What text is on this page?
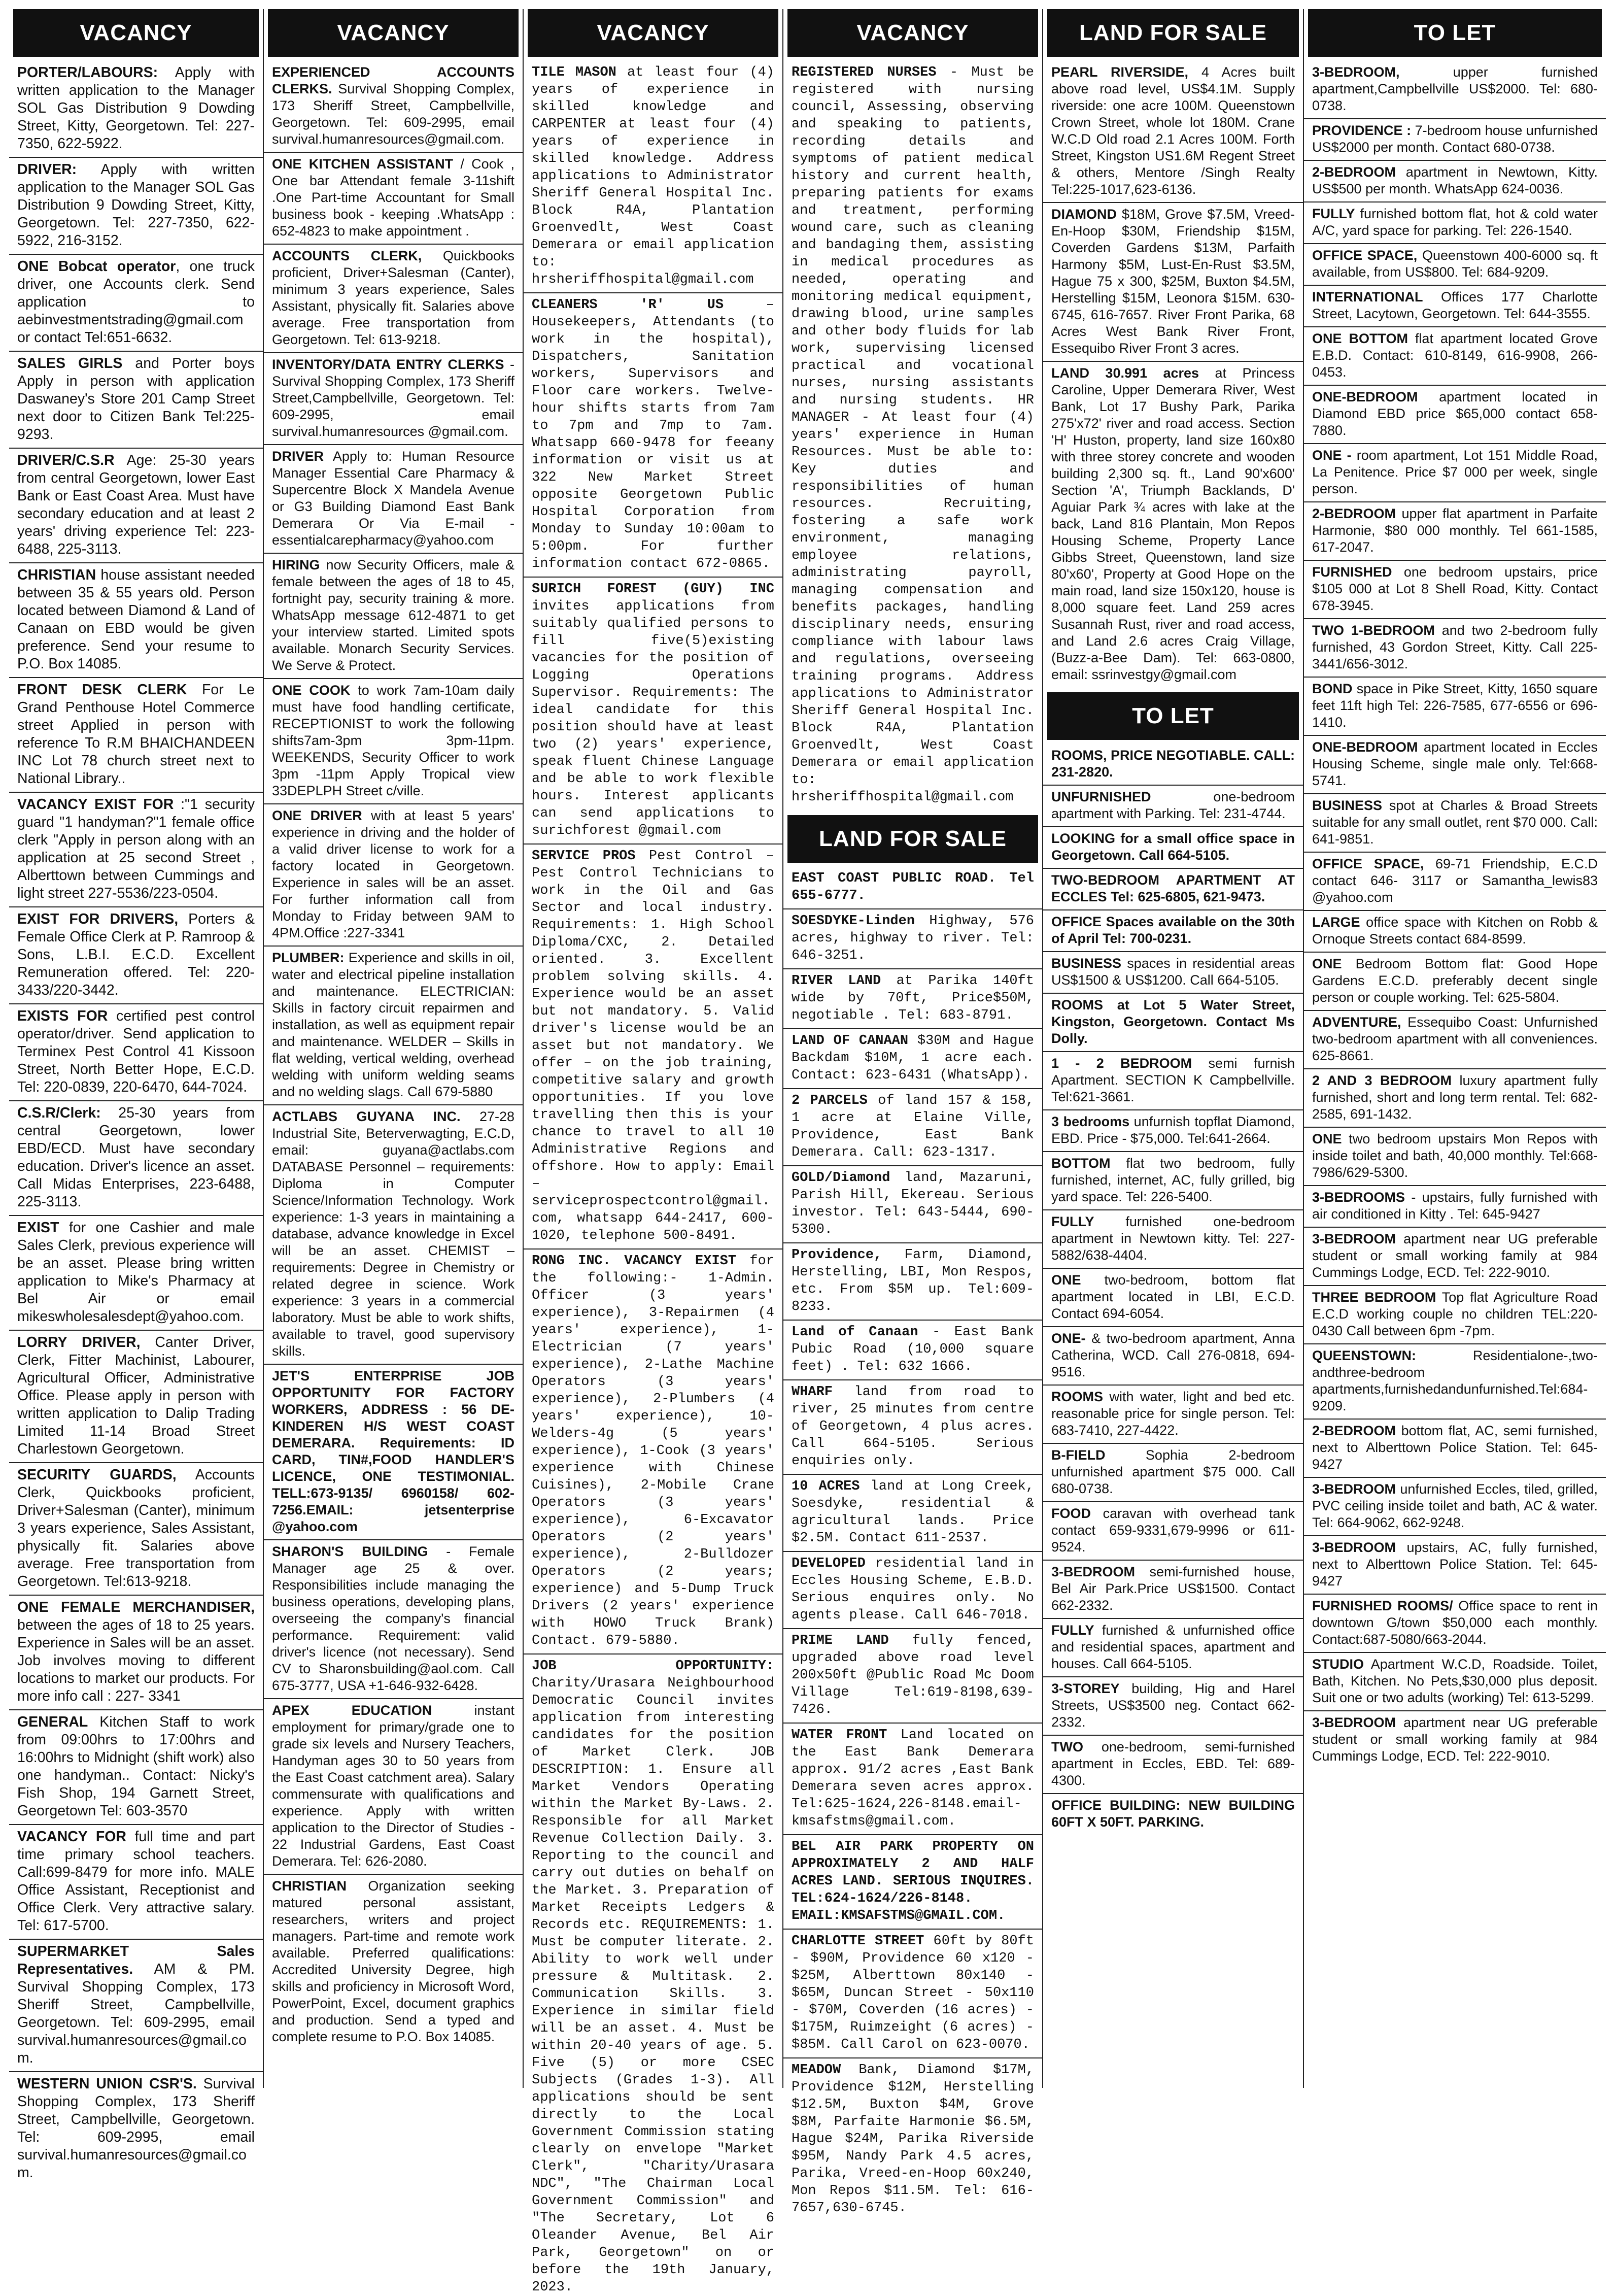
VACANCY

PORTER/LABOURS: Apply with written application to the Manager SOL Gas Distribution 9 Dowding Street, Kitty, Georgetown. Tel: 227-7350, 622-5922.

DRIVER: Apply with written application to the Manager SOL Gas Distribution 9 Dowding Street, Kitty, Georgetown. Tel: 227-7350, 622-5922, 216-3152.

ONE Bobcat operator, one truck driver, one Accounts clerk. Send application to aebinvestmentstrading@gmail.com or contact Tel:651-6632.

SALES GIRLS and Porter boys Apply in person with application Daswaney's Store 201 Camp Street next door to Citizen Bank Tel:225-9293.

DRIVER/C.S.R Age: 25-30 years from central Georgetown, lower East Bank or East Coast Area. Must have secondary education and at least 2 years' driving experience Tel: 223-6488, 225-3113.

CHRISTIAN house assistant needed between 35 & 55 years old. Person located between Diamond & Land of Canaan on EBD would be given preference. Send your resume to P.O. Box 14085.

FRONT DESK CLERK For Le Grand Penthouse Hotel Commerce street Applied in person with reference To R.M BHAICHANDEEN INC Lot 78 church street next to National Library..

VACANCY EXIST FOR :"1 security guard "1 handyman?"1 female office clerk "Apply in person along with an application at 25 second Street , Alberttown between Cummings and light street 227-5536/223-0504.

EXIST FOR DRIVERS, Porters & Female Office Clerk at P. Ramroop & Sons, L.B.I. E.C.D. Excellent Remuneration offered. Tel: 220-3433/220-3442.

EXISTS FOR certified pest control operator/driver. Send application to Terminex Pest Control 41 Kissoon Street, North Better Hope, E.C.D. Tel: 220-0839, 220-6470, 644-7024.

C.S.R/Clerk: 25-30 years from central Georgetown, lower EBD/ECD. Must have secondary education. Driver's licence an asset. Call Midas Enterprises, 223-6488, 225-3113.

EXIST for one Cashier and male Sales Clerk, previous experience will be an asset. Please bring written application to Mike's Pharmacy at Bel Air or email mikeswholesalesdept@yahoo.com.

LORRY DRIVER, Canter Driver, Clerk, Fitter Machinist, Labourer, Agricultural Officer, Administrative Office. Please apply in person with written application to Dalip Trading Limited 11-14 Broad Street Charlestown Georgetown.

SECURITY GUARDS, Accounts Clerk, Quickbooks proficient, Driver+Salesman (Canter), minimum 3 years experience, Sales Assistant, physically fit. Salaries above average. Free transportation from Georgetown. Tel:613-9218.

ONE FEMALE MERCHANDISER, between the ages of 18 to 25 years. Experience in Sales will be an asset. Job involves moving to different locations to market our products. For more info call : 227- 3341

GENERAL Kitchen Staff to work from 09:00hrs to 17:00hrs and 16:00hrs to Midnight (shift work) also one handyman.. Contact: Nicky's Fish Shop, 194 Garnett Street, Georgetown Tel: 603-3570

VACANCY FOR full time and part time primary school teachers. Call:699-8479 for more info. MALE Office Assistant, Receptionist and Office Clerk. Very attractive salary. Tel: 617-5700.

SUPERMARKET Sales Representatives. AM & PM. Survival Shopping Complex, 173 Sheriff Street, Campbellville, Georgetown. Tel: 609-2995, email survival.humanresources@gmail.com.

WESTERN UNION CSR'S. Survival Shopping Complex, 173 Sheriff Street, Campbellville, Georgetown. Tel: 609-2995, email survival.humanresources@gmail.com.

VACANCY

EXPERIENCED ACCOUNTS CLERKS. Survival Shopping Complex, 173 Sheriff Street, Campbellville, Georgetown. Tel: 609-2995, email survival.humanresources@gmail.com.

ONE KITCHEN ASSISTANT / Cook , One bar Attendant female 3-11shift .One Part-time Accountant for Small business book - keeping .WhatsApp : 652-4823 to make appointment .

ACCOUNTS CLERK, Quickbooks proficient, Driver+Salesman (Canter), minimum 3 years experience, Sales Assistant, physically fit. Salaries above average. Free transportation from Georgetown. Tel: 613-9218.

INVENTORY/DATA ENTRY CLERKS - Survival Shopping Complex, 173 Sheriff Street,Campbellville, Georgetown. Tel: 609-2995, email survival.humanresources @gmail.com.

DRIVER Apply to: Human Resource Manager Essential Care Pharmacy & Supercentre Block X Mandela Avenue or G3 Building Diamond East Bank Demerara Or Via E-mail - essentialcarepharmacy@yahoo.com

HIRING now Security Officers, male & female between the ages of 18 to 45, fortnight pay, security training & more. WhatsApp message 612-4871 to get your interview started. Limited spots available. Monarch Security Services. We Serve & Protect.

ONE COOK to work 7am-10am daily must have food handling certificate, RECEPTIONIST to work the following shifts7am-3pm 3pm-11pm. WEEKENDS, Security Officer to work 3pm -11pm Apply Tropical view 33DEPLPH Street c/ville.

ONE DRIVER with at least 5 years' experience in driving and the holder of a valid driver license to work for a factory located in Georgetown. Experience in sales will be an asset. For further information call from Monday to Friday between 9AM to 4PM.Office :227-3341

PLUMBER: Experience and skills in oil, water and electrical pipeline installation and maintenance. ELECTRICIAN: Skills in factory circuit repairmen and installation, as well as equipment repair and maintenance. WELDER – Skills in flat welding, vertical welding, overhead welding with uniform welding seams and no welding slags. Call 679-5880

ACTLABS GUYANA INC. 27-28 Industrial Site, Beterverwagting, E.C.D, email: guyana@actlabs.com DATABASE Personnel – requirements: Diploma in Computer Science/Information Technology. Work experience: 1-3 years in maintaining a database, advance knowledge in Excel will be an asset. CHEMIST – requirements: Degree in Chemistry or related degree in science. Work experience: 3 years in a commercial laboratory. Must be able to work shifts, available to travel, good supervisory skills.

JET'S ENTERPRISE JOB OPPORTUNITY FOR FACTORY WORKERS, ADDRESS : 56 DE-KINDEREN H/S WEST COAST DEMERARA. Requirements: ID CARD, TIN#,FOOD HANDLER'S LICENCE, ONE TESTIMONIAL. TELL:673-9135/ 6960158/ 602-7256.EMAIL: jetsenterprise @yahoo.com

SHARON'S BUILDING - Female Manager age 25 & over. Responsibilities include managing the business operations, developing plans, overseeing the company's financial performance. Requirement: valid driver's licence (not necessary). Send CV to Sharonsbuilding@aol.com. Call 675-3777, USA +1-646-932-6428.

APEX EDUCATION instant employment for primary/grade one to grade six levels and Nursery Teachers, Handyman ages 30 to 50 years from the East Coast catchment area). Salary commensurate with qualifications and experience. Apply with written application to the Director of Studies - 22 Industrial Gardens, East Coast Demerara. Tel: 626-2080.

CHRISTIAN Organization seeking matured personal assistant, researchers, writers and project managers. Part-time and remote work available. Preferred qualifications: Accredited University Degree, high skills and proficiency in Microsoft Word, PowerPoint, Excel, document graphics and production. Send a typed and complete resume to P.O. Box 14085.

VACANCY

TILE MASON at least four (4) years of experience in skilled knowledge and CARPENTER at least four (4) years of experience in skilled knowledge. Address applications to Administrator Sheriff General Hospital Inc. Block R4A, Plantation Groenvedlt, West Coast Demerara or email application to: hrsheriffhospital@gmail.com

CLEANERS 'R' US – Housekeepers, Attendants (to work in the hospital), Dispatchers, Sanitation workers, Supervisors and Floor care workers. Twelve-hour shifts starts from 7am to 7pm and 7mp to 7am. Whatsapp 660-9478 for feeany information or visit us at 322 New Market Street opposite Georgetown Public Hospital Corporation from Monday to Sunday 10:00am to 5:00pm. For further information contact 672-0865.

SURICH FOREST (GUY) INC invites applications from suitably qualified persons to fill five(5)existing vacancies for the position of Logging Operations Supervisor. Requirements: The ideal candidate for this position should have at least two (2) years' experience, speak fluent Chinese Language and be able to work flexible hours. Interest applicants can send applications to surichforest @gmail.com

SERVICE PROS Pest Control – Pest Control Technicians to work in the Oil and Gas Sector and local industry. Requirements: 1. High School Diploma/CXC, 2. Detailed oriented. 3. Excellent problem solving skills. 4. Experience would be an asset but not mandatory. 5. Valid driver's license would be an asset but not mandatory. We offer – on the job training, competitive salary and growth opportunities. If you love travelling then this is your chance to travel to all 10 Administrative Regions and offshore. How to apply: Email – serviceprospectcontrol@gmail.com, whatsapp 644-2417, 600-1020, telephone 500-8491.

RONG INC. VACANCY EXIST for the following:- 1-Admin. Officer (3 years' experience), 3-Repairmen (4 years' experience), 1-Electrician (7 years' experience), 2-Lathe Machine Operators (3 years' experience), 2-Plumbers (4 years' experience), 10-Welders-4g (5 years' experience), 1-Cook (3 years' experience with Chinese Cuisines), 2-Mobile Crane Operators (3 years' experience), 6-Excavator Operators (2 years' experience), 2-Bulldozer Operators (2 years; experience) and 5-Dump Truck Drivers (2 years' experience with HOWO Truck Brank) Contact. 679-5880.

JOB OPPORTUNITY: Charity/Urasara Neighbourhood Democratic Council invites application from interesting candidates for the position of Market Clerk. JOB DESCRIPTION: 1. Ensure all Market Vendors Operating within the Market By-Laws. 2. Responsible for all Market Revenue Collection Daily. 3. Reporting to the council and carry out duties on behalf on the Market. 3. Preparation of Market Receipts Ledgers & Records etc. REQUIREMENTS: 1. Must be computer literate. 2. Ability to work well under pressure & Multitask. 2. Communication Skills. 3. Experience in similar field will be an asset. 4. Must be within 20-40 years of age. 5. Five (5) or more CSEC Subjects (Grades 1-3). All applications should be sent directly to the Local Government Commission stating clearly on envelope "Market Clerk", "Charity/Urasara NDC", "The Chairman Local Government Commission" and "The Secretary, Lot 6 Oleander Avenue, Bel Air Park, Georgetown" on or before the 19th January, 2023.

VACANCY

REGISTERED NURSES - Must be registered with nursing council, Assessing, observing and speaking to patients, recording details and symptoms of patient medical history and current health, preparing patients for exams and treatment, performing wound care, such as cleaning and bandaging them, assisting in medical procedures as needed, operating and monitoring medical equipment, drawing blood, urine samples and other body fluids for lab work, supervising licensed practical and vocational nurses, nursing assistants and nursing students. HR MANAGER - At least four (4) years' experience in Human Resources. Must be able to: Key duties and responsibilities of human resources. Recruiting, fostering a safe work environment, managing employee relations, administrating payroll, managing compensation and benefits packages, handling disciplinary needs, ensuring compliance with labour laws and regulations, overseeing training programs. Address applications to Administrator Sheriff General Hospital Inc. Block R4A, Plantation Groenvedlt, West Coast Demerara or email application to: hrsheriffhospital@gmail.com

LAND FOR SALE

EAST COAST PUBLIC ROAD. Tel 655-6777.

SOESDYKE-Linden Highway, 576 acres, highway to river. Tel: 646-3251.

RIVER LAND at Parika 140ft wide by 70ft, Price$50M, negotiable . Tel: 683-8791.

LAND OF CANAAN $30M and Hague Backdam $10M, 1 acre each. Contact: 623-6431 (WhatsApp).

2 PARCELS of land 157 & 158, 1 acre at Elaine Ville, Providence, East Bank Demerara. Call: 623-1317.

GOLD/Diamond land, Mazaruni, Parish Hill, Ekereau. Serious investor. Tel: 643-5444, 690-5300.

Providence, Farm, Diamond, Herstelling, LBI, Mon Respos, etc. From $5M up. Tel:609-8233.

Land of Canaan - East Bank Pubic Road (10,000 square feet) . Tel: 632 1666.

WHARF land from road to river, 25 minutes from centre of Georgetown, 4 plus acres. Call 664-5105. Serious enquiries only.

10 ACRES land at Long Creek, Soesdyke, residential & agricultural lands. Price $2.5M. Contact 611-2537.

DEVELOPED residential land in Eccles Housing Scheme, E.B.D. Serious enquires only. No agents please. Call 646-7018.

PRIME LAND fully fenced, upgraded above road level 200x50ft @Public Road Mc Doom Village Tel:619-8198,639-7426.

WATER FRONT Land located on the East Bank Demerara approx. 91/2 acres ,East Bank Demerara seven acres approx. Tel:625-1624,226-8148.email-kmsafstms@gmail.com.

BEL AIR PARK PROPERTY ON APPROXIMATELY 2 AND HALF ACRES LAND. SERIOUS INQUIRES. TEL:624-1624/226-8148. EMAIL:KMSAFSTMS@GMAIL.COM.

CHARLOTTE STREET 60ft by 80ft - $90M, Providence 60 x120 - $25M, Alberttown 80x140 - $65M, Duncan Street - 50x110 - $70M, Coverden (16 acres) - $175M, Ruimzeight (6 acres) - $85M. Call Carol on 623-0070.

MEADOW Bank, Diamond $17M, Providence $12M, Herstelling $12.5M, Buxton $4M, Grove $8M, Parfaite Harmonie $6.5M, Hague $24M, Parika Riverside $95M, Nandy Park 4.5 acres, Parika, Vreed-en-Hoop 60x240, Mon Repos $11.5M. Tel: 616-7657,630-6745.

LAND FOR SALE

PEARL RIVERSIDE, 4 Acres built above road level, US$4.1M. Supply riverside: one acre 100M. Queenstown Crown Street, whole lot 180M. Crane W.C.D Old road 2.1 Acres 100M. Forth Street, Kingston US1.6M Regent Street & others, Mentore /Singh Realty Tel:225-1017,623-6136.

DIAMOND $18M, Grove $7.5M, Vreed-En-Hoop $30M, Friendship $15M, Coverden Gardens $13M, Parfaith Harmony $5M, Lust-En-Rust $3.5M, Hague 75 x 300, $25M, Buxton $4.5M, Herstelling $15M, Leonora $15M. 630-6745, 616-7657. River Front Parika, 68 Acres West Bank River Front, Essequibo River Front 3 acres.

LAND 30.991 acres at Princess Caroline, Upper Demerara River, West Bank, Lot 17 Bushy Park, Parika 275'x72' river and road access. Section 'H' Huston, property, land size 160x80 with three storey concrete and wooden building 2,300 sq. ft., Land 90'x600' Section 'A', Triumph Backlands, D' Aguiar Park ¾ acres with lake at the back, Land 816 Plantain, Mon Repos Housing Scheme, Property Lance Gibbs Street, Queenstown, land size 80'x60', Property at Good Hope on the main road, land size 150x120, house is 8,000 square feet. Land 259 acres Susannah Rust, river and road access, and Land 2.6 acres Craig Village, (Buzz-a-Bee Dam). Tel: 663-0800, email: ssrinvestgy@gmail.com

TO LET

ROOMS, PRICE NEGOTIABLE. CALL: 231-2820.

UNFURNISHED one-bedroom apartment with Parking. Tel: 231-4744.

LOOKING for a small office space in Georgetown. Call 664-5105.

TWO-BEDROOM APARTMENT AT ECCLES Tel: 625-6805, 621-9473.

OFFICE Spaces available on the 30th of April Tel: 700-0231.

BUSINESS spaces in residential areas US$1500 & US$1200. Call 664-5105.

ROOMS at Lot 5 Water Street, Kingston, Georgetown. Contact Ms Dolly.

1 - 2 BEDROOM semi furnish Apartment. SECTION K Campbellville. Tel:621-3661.

3 bedrooms unfurnish topflat Diamond, EBD. Price - $75,000. Tel:641-2664.

BOTTOM flat two bedroom, fully furnished, internet, AC, fully grilled, big yard space. Tel: 226-5400.

FULLY furnished one-bedroom apartment in Newtown kitty. Tel: 227-5882/638-4404.

ONE two-bedroom, bottom flat apartment located in LBI, E.C.D. Contact 694-6054.

ONE- & two-bedroom apartment, Anna Catherina, WCD. Call 276-0818, 694-9516.

ROOMS with water, light and bed etc. reasonable price for single person. Tel: 683-7410, 227-4422.

B-FIELD Sophia 2-bedroom unfurnished apartment $75 000. Call 680-0738.

FOOD caravan with overhead tank contact 659-9331,679-9996 or 611-9524.

3-BEDROOM semi-furnished house, Bel Air Park.Price US$1500. Contact 662-2332.

FULLY furnished & unfurnished office and residential spaces, apartment and houses. Call 664-5105.

3-STOREY building, Hig and Harel Streets, US$3500 neg. Contact 662-2332.

TWO one-bedroom, semi-furnished apartment in Eccles, EBD. Tel: 689-4300.

OFFICE BUILDING: NEW BUILDING 60FT X 50FT. PARKING.

TO LET

3-BEDROOM, upper furnished apartment,Campbellville US$2000. Tel: 680-0738.

PROVIDENCE : 7-bedroom house unfurnished US$2000 per month. Contact 680-0738.

2-BEDROOM apartment in Newtown, Kitty. US$500 per month. WhatsApp 624-0036.

FULLY furnished bottom flat, hot & cold water A/C, yard space for parking. Tel: 226-1540.

OFFICE SPACE, Queenstown 400-6000 sq. ft available, from US$800. Tel: 684-9209.

INTERNATIONAL Offices 177 Charlotte Street, Lacytown, Georgetown. Tel: 644-3555.

ONE BOTTOM flat apartment located Grove E.B.D. Contact: 610-8149, 616-9908, 266-0453.

ONE-BEDROOM apartment located in Diamond EBD price $65,000 contact 658-7880.

ONE - room apartment, Lot 151 Middle Road, La Penitence. Price $7 000 per week, single person.

2-BEDROOM upper flat apartment in Parfaite Harmonie, $80 000 monthly. Tel 661-1585, 617-2047.

FURNISHED one bedroom upstairs, price $105 000 at Lot 8 Shell Road, Kitty. Contact 678-3945.

TWO 1-BEDROOM and two 2-bedroom fully furnished, 43 Gordon Street, Kitty. Call 225- 3441/656-3012.

BOND space in Pike Street, Kitty, 1650 square feet 11ft high Tel: 226-7585, 677-6556 or 696-1410.

ONE-BEDROOM apartment located in Eccles Housing Scheme, single male only. Tel:668-5741.

BUSINESS spot at Charles & Broad Streets suitable for any small outlet, rent $70 000. Call: 641-9851.

OFFICE SPACE, 69-71 Friendship, E.C.D contact 646- 3117 or Samantha_lewis83 @yahoo.com

LARGE office space with Kitchen on Robb & Ornoque Streets contact 684-8599.

ONE Bedroom Bottom flat: Good Hope Gardens E.C.D. preferably decent single person or couple working. Tel: 625-5804.

ADVENTURE, Essequibo Coast: Unfurnished two-bedroom apartment with all conveniences. 625-8661.

2 AND 3 BEDROOM luxury apartment fully furnished, short and long term rental. Tel: 682-2585, 691-1432.

ONE two bedroom upstairs Mon Repos with inside toilet and bath, 40,000 monthly. Tel:668-7986/629-5300.

3-BEDROOMS - upstairs, fully furnished with air conditioned in Kitty . Tel: 645-9427

3-BEDROOM apartment near UG preferable student or small working family at 984 Cummings Lodge, ECD. Tel: 222-9010.

THREE BEDROOM Top flat Agriculture Road E.C.D working couple no children TEL:220-0430 Call between 6pm -7pm.

QUEENSTOWN: Residentialone-,two-andthree-bedroom apartments,furnishedandunfurnished.Tel:684-9209.

2-BEDROOM bottom flat, AC, semi furnished, next to Alberttown Police Station. Tel: 645-9427

3-BEDROOM unfurnished Eccles, tiled, grilled, PVC ceiling inside toilet and bath, AC & water. Tel: 664-9062, 662-9248.

3-BEDROOM upstairs, AC, fully furnished, next to Alberttown Police Station. Tel: 645-9427

FURNISHED ROOMS/ Office space to rent in downtown G/town $50,000 each monthly. Contact:687-5080/663-2044.

STUDIO Apartment W.C.D, Roadside. Toilet, Bath, Kitchen. No Pets,$30,000 plus deposit. Suit one or two adults (working) Tel: 613-5299.

3-BEDROOM apartment near UG preferable student or small working family at 984 Cummings Lodge, ECD. Tel: 222-9010.
